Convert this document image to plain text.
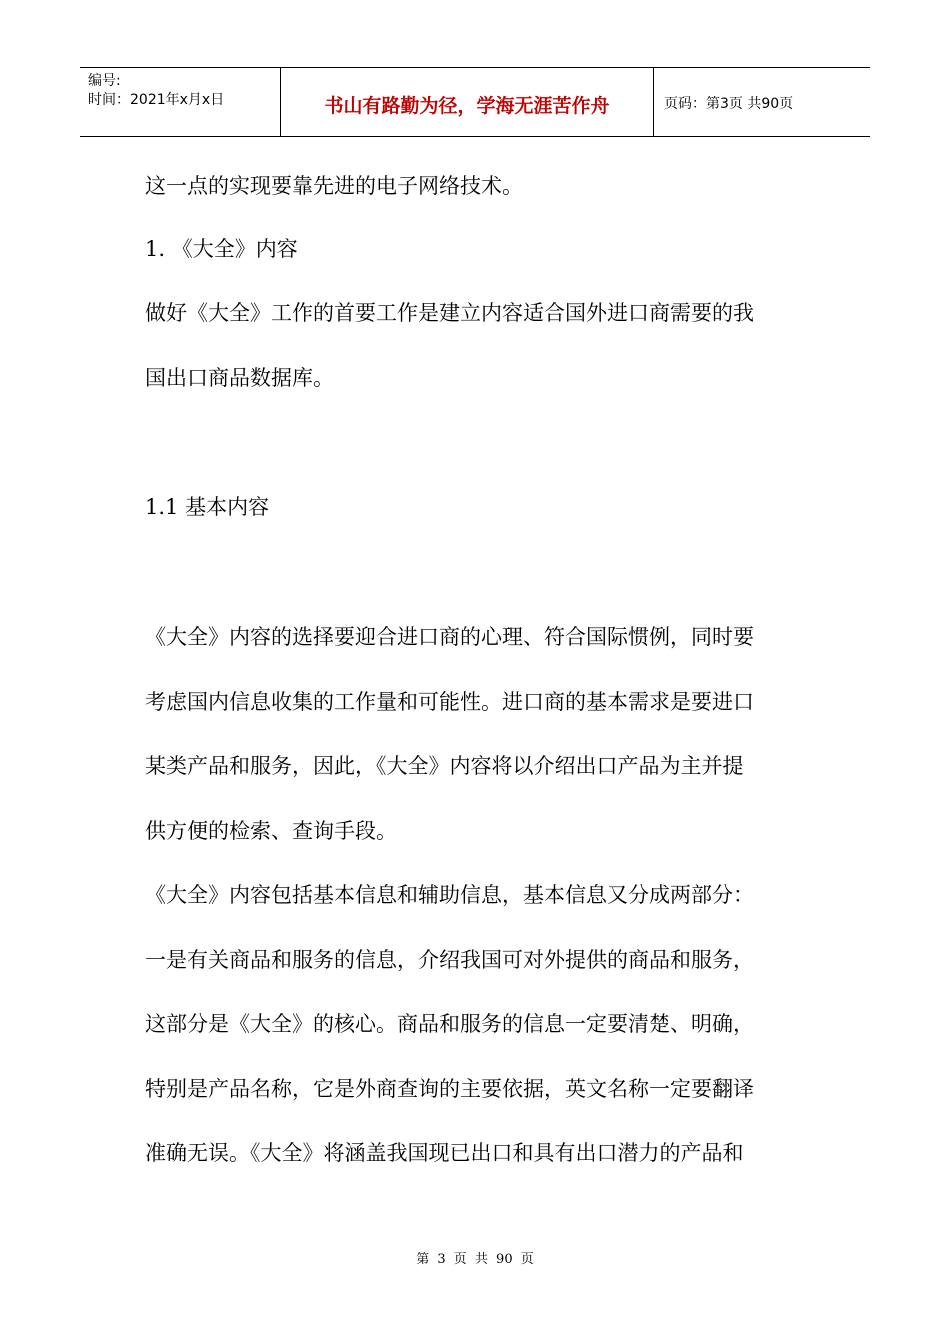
编号:
时间：2021年x月x日	书山有路勤为径，学海无涯苦作舟	页码：第3页 共90页
这一点的实现要靠先进的电子网络技术。
1. 《大全》内容
做好《大全》工作的首要工作是建立内容适合国外进口商需要的我
国出口商品数据库。
1.1 基本内容
《大全》内容的选择要迎合进口商的心理、符合国际惯例，同时要
考虑国内信息收集的工作量和可能性。进口商的基本需求是要进口
某类产品和服务，因此，《大全》内容将以介绍出口产品为主并提
供方便的检索、查询手段。
《大全》内容包括基本信息和辅助信息，基本信息又分成两部分：
一是有关商品和服务的信息，介绍我国可对外提供的商品和服务，
这部分是《大全》的核心。商品和服务的信息一定要清楚、明确，
特别是产品名称，它是外商查询的主要依据，英文名称一定要翻译
准确无误。《大全》将涵盖我国现已出口和具有出口潜力的产品和
第 3 页 共 90 页
